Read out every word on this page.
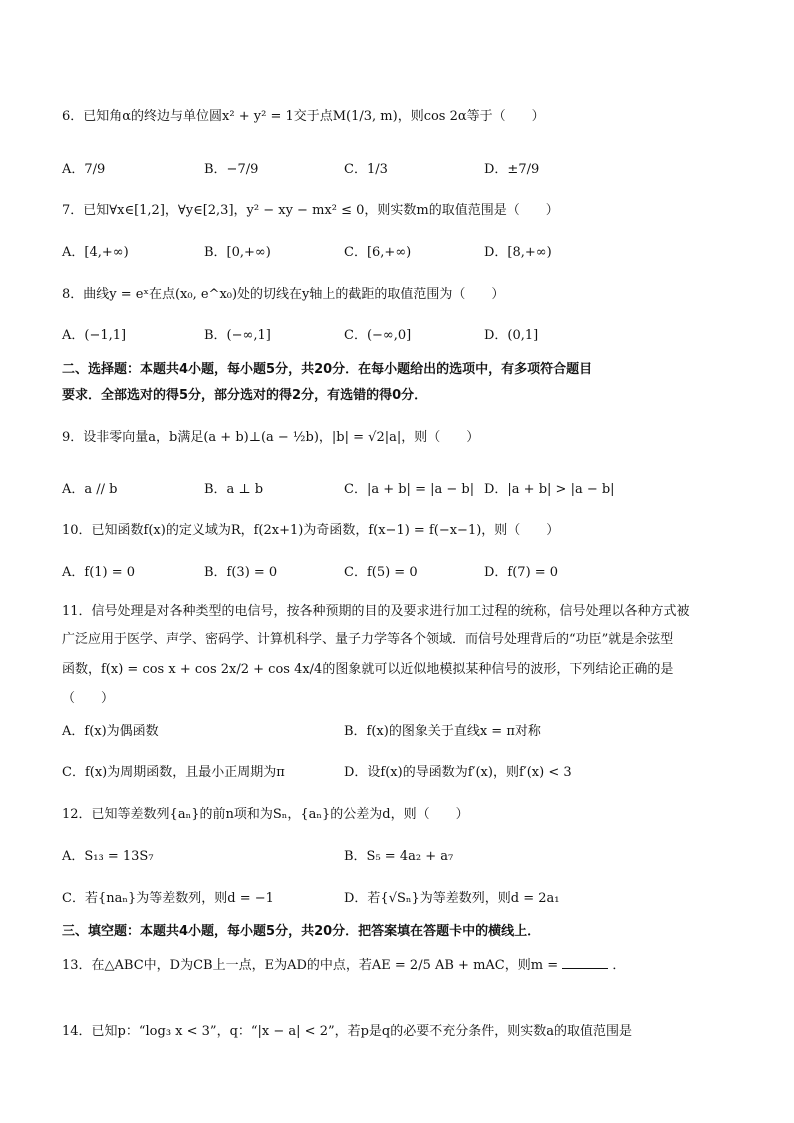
6．已知角α的终边与单位圆x² + y² = 1交于点M(1/3, m)，则cos 2α等于（　　）
A．7/9	B．−7/9	C．1/3	D．±7/9
7．已知∀x∈[1,2]，∀y∈[2,3]，y² − xy − mx² ≤ 0，则实数m的取值范围是（　　）
A．[4,+∞)	B．[0,+∞)	C．[6,+∞)	D．[8,+∞)
8．曲线y = eˣ在点(x₀, e^x₀)处的切线在y轴上的截距的取值范围为（　　）
A．(−1,1]	B．(−∞,1]	C．(−∞,0]	D．(0,1]
二、选择题：本题共4小题，每小题5分，共20分．在每小题给出的选项中，有多项符合题目
要求．全部选对的得5分，部分选对的得2分，有选错的得0分．
9．设非零向量a，b满足(a + b)⊥(a − ½b)，|b| = √2|a|，则（　　）
A．a // b	B．a ⊥ b	C．|a + b| = |a − b| D．|a + b| > |a − b|
10．已知函数f(x)的定义域为R，f(2x+1)为奇函数，f(x−1) = f(−x−1)，则（　　）
A．f(1) = 0	B．f(3) = 0	C．f(5) = 0	D．f(7) = 0
11．信号处理是对各种类型的电信号，按各种预期的目的及要求进行加工过程的统称，信号处理以各种方式被
广泛应用于医学、声学、密码学、计算机科学、量子力学等各个领域．而信号处理背后的“功臣”就是余弦型
函数，f(x) = cos x + cos 2x/2 + cos 4x/4的图象就可以近似地模拟某种信号的波形，下列结论正确的是
（　　）
A．f(x)为偶函数	B．f(x)的图象关于直线x = π对称
C．f(x)为周期函数，且最小正周期为π	D．设f(x)的导函数为f′(x)，则f′(x) < 3
12．已知等差数列{aₙ}的前n项和为Sₙ，{aₙ}的公差为d，则（　　）
A．S₁₃ = 13S₇	B．S₅ = 4a₂ + a₇
C．若{naₙ}为等差数列，则d = −1	D．若{√Sₙ}为等差数列，则d = 2a₁
三、填空题：本题共4小题，每小题5分，共20分．把答案填在答题卡中的横线上．
13．在△ABC中，D为CB上一点，E为AD的中点，若AE = 2/5 AB + mAC，则m =	．
14．已知p：“log₃ x < 3”，q：“|x − a| < 2”，若p是q的必要不充分条件，则实数a的取值范围是
